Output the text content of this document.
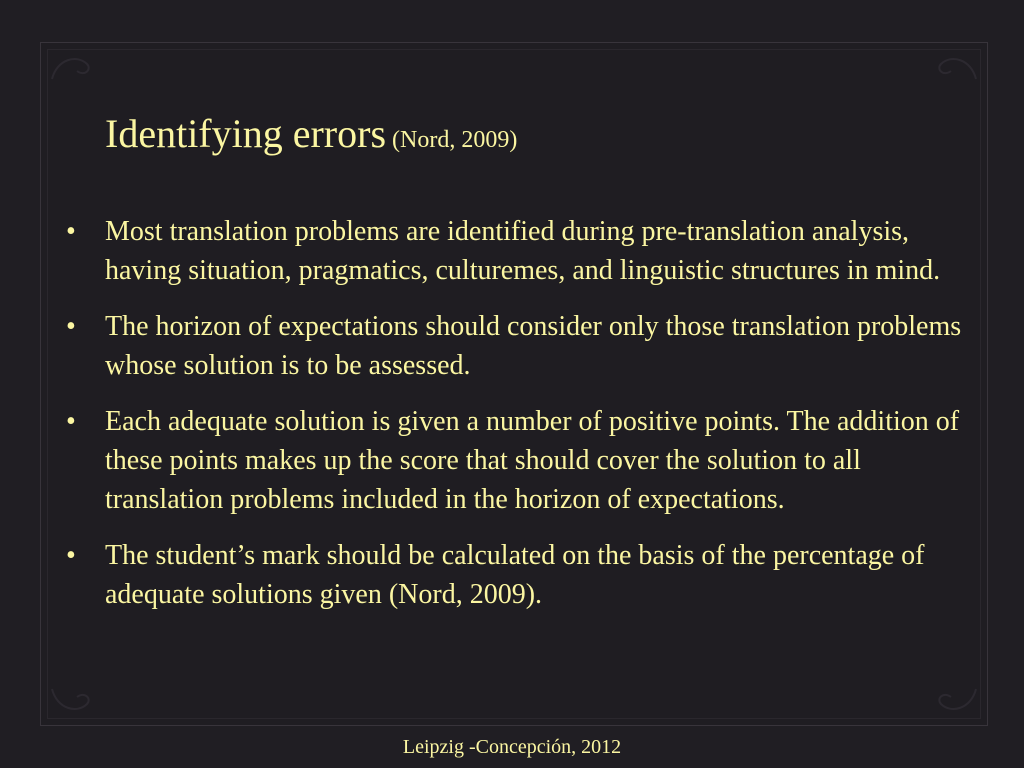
Identifying errors (Nord, 2009)
• Most translation problems are identified during pre-translation analysis, having situation, pragmatics, culturemes, and linguistic structures in mind.
• The horizon of expectations should consider only those translation problems whose solution is to be assessed.
• Each adequate solution is given a number of positive points. The addition of these points makes up the score that should cover the solution to all translation problems included in the horizon of expectations.
• The student’s mark should be calculated on the basis of the percentage of adequate solutions given (Nord, 2009).
Leipzig -Concepción, 2012
